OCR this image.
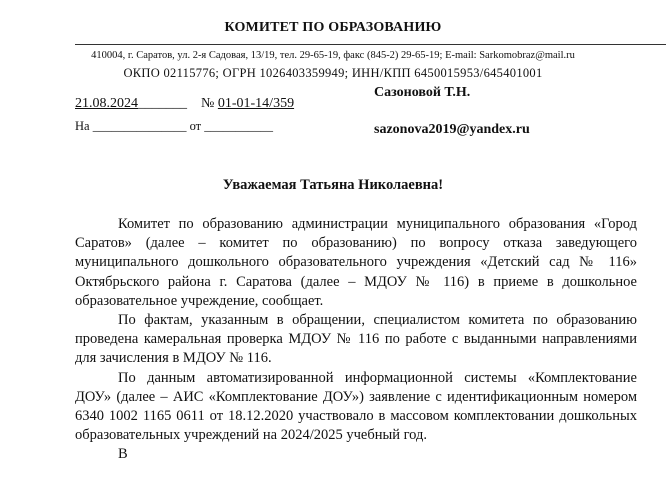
КОМИТЕТ ПО ОБРАЗОВАНИЮ
410004, г. Саратов, ул. 2-я Садовая, 13/19, тел. 29-65-19, факс (845-2) 29-65-19; E-mail: Sarkomobraz@mail.ru
ОКПО 02115776; ОГРН 1026403359949; ИНН/КПП 6450015953/645401001
21.08.2024_______ № 01-01-14/359
На _______________ от ___________
Сазоновой Т.Н.
sazonova2019@yandex.ru
Уважаемая Татьяна Николаевна!

Комитет по образованию администрации муниципального образования «Город Саратов» (далее – комитет по образованию) по вопросу отказа заведующего муниципального дошкольного образовательного учреждения «Детский сад № 116» Октябрьского района г. Саратова (далее – МДОУ № 116) в приеме в дошкольное образовательное учреждение, сообщает.

По фактам, указанным в обращении, специалистом комитета по образованию проведена камеральная проверка МДОУ № 116 по работе с выданными направлениями для зачисления в МДОУ № 116.

По данным автоматизированной информационной системы «Комплектование ДОУ» (далее – АИС «Комплектование ДОУ») заявление с идентификационным номером 6340 1002 1165 0611 от 18.12.2020 участвовало в массовом комплектовании дошкольных образовательных учреждений на 2024/2025 учебный год.

В
